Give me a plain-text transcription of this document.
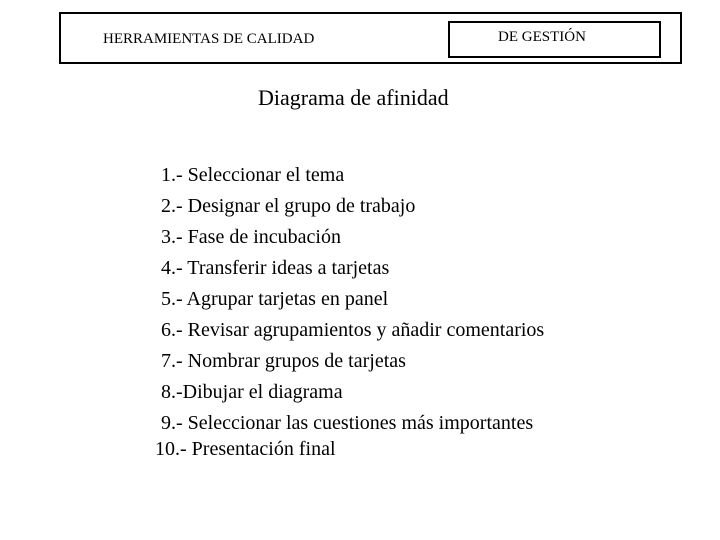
HERRAMIENTAS DE CALIDAD	DE GESTIÓN
Diagrama de afinidad
1.- Seleccionar el tema
2.- Designar el grupo de trabajo
3.- Fase de incubación
4.- Transferir ideas a tarjetas
5.- Agrupar tarjetas en panel
6.- Revisar agrupamientos y añadir comentarios
7.- Nombrar grupos de tarjetas
8.-Dibujar el diagrama
9.- Seleccionar las cuestiones más importantes
10.- Presentación final
